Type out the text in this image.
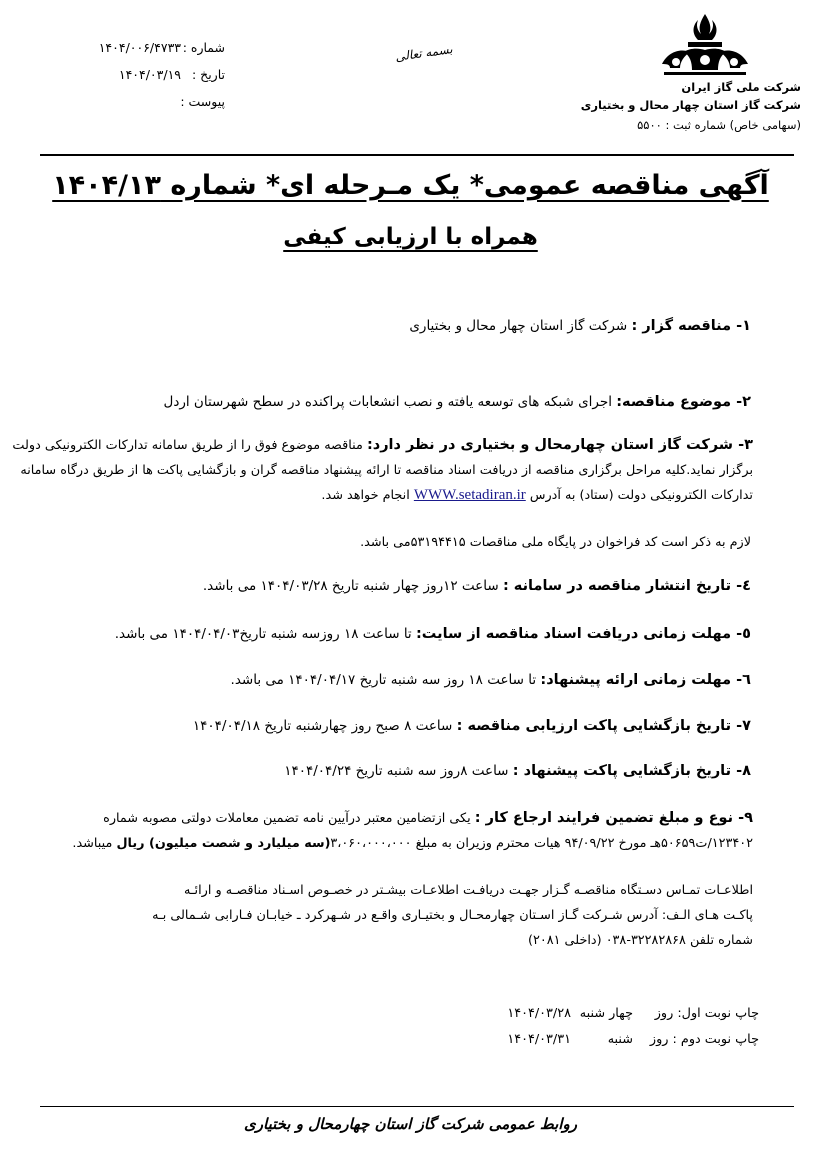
شرکت ملی گاز ایران
شرکت گاز استان چهار محال و بختیاری
(سهامی خاص) شماره ثبت : ۵۵۰۰
شماره :
۱۴۰۴/۰۰۶/۴۷۳۳
تاریخ :
۱۴۰۴/۰۳/۱۹
پیوست :
بسمه تعالی
آگهی مناقصه عمومی* یک مـرحله ای* شماره ۱۴۰۴/۱۳
همراه با ارزیابی کیفی
۱- مناقصه گزار : شرکت گاز استان چهار محال و بختیاری
۲- موضوع مناقصه: اجرای شبکه های توسعه یافته و نصب انشعابات پراکنده در سطح شهرستان اردل
۳- شرکت گاز استان چهارمحال و بختیاری در نظر دارد: مناقصه موضوع فوق را از طریق سامانه تدارکات الکترونیکی دولت
برگزار نماید.کلیه مراحل برگزاری مناقصه از دریافت اسناد مناقصه تا ارائه پیشنهاد مناقصه گران و بازگشایی پاکت ها از طریق درگاه سامانه
تدارکات الکترونیکی دولت (ستاد) به آدرس WWW.setadiran.ir انجام خواهد شد.
لازم به ذکر است کد فراخوان در پایگاه ملی مناقصات ۵۳۱۹۴۴۱۵می باشد.
٤- تاریخ انتشار مناقصه در سامانه : ساعت ۱۲روز چهار شنبه تاریخ ۱۴۰۴/۰۳/۲۸ می باشد.
٥- مهلت زمانی دریافت اسناد مناقصه از سایت: تا ساعت ۱۸ روزسه شنبه تاریخ۱۴۰۴/۰۴/۰۳ می باشد.
٦- مهلت زمانی ارائه پیشنهاد: تا ساعت ۱۸ روز سه شنبه تاریخ ۱۴۰۴/۰۴/۱۷ می باشد.
۷- تاریخ بازگشایی پاکت ارزیابی مناقصه : ساعت ۸ صبح روز چهارشنبه تاریخ ۱۴۰۴/۰۴/۱۸
۸- تاریخ بازگشایی پاکت پیشنهاد : ساعت ۸روز سه شنبه تاریخ ۱۴۰۴/۰۴/۲۴
۹- نوع و مبلغ تضمین فرایند ارجاع کار : یکی ازتضامین معتبر درآیین نامه تضمین معاملات دولتی مصوبه شماره
۱۲۳۴۰۲/ت۵۰۶۵۹هـ مورخ ۹۴/۰۹/۲۲ هیات محترم وزیران به مبلغ ۳،۰۶۰،۰۰۰،۰۰۰(سه میلیارد و شصت میلیون) ریال میباشد.
اطلاعـات تمـاس دسـتگاه مناقصـه گـزار جهـت دریافـت اطلاعـات بیشـتر در خصـوص اسـناد مناقصـه و ارائـه
پاکـت هـای الـف: آدرس شـرکت گـاز اسـتان چهارمحـال و بختیـاری واقـع در شـهرکرد ـ خیابـان فـارابی شـمالی بـه
شماره تلفن ۳۲۲۸۲۸۶۸-۰۳۸ (داخلی ۲۰۸۱)
چاپ نوبت اول: روز
چهار شنبه
۱۴۰۴/۰۳/۲۸
چاپ نوبت دوم : روز
شنبه
۱۴۰۴/۰۳/۳۱
روابط عمومی شرکت گاز استان چهارمحال و بختیاری
